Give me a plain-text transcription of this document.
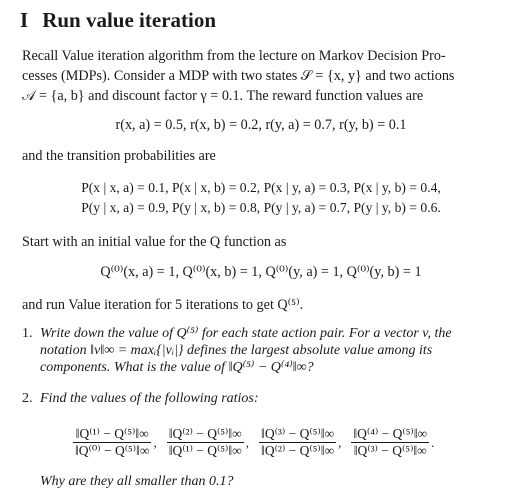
I Run value iteration
Recall Value iteration algorithm from the lecture on Markov Decision Pro-
cesses (MDPs). Consider a MDP with two states 𝒮 = {x, y} and two actions
𝒜 = {a, b} and discount factor γ = 0.1. The reward function values are
r(x, a) = 0.5, r(x, b) = 0.2, r(y, a) = 0.7, r(y, b) = 0.1
and the transition probabilities are
P(x | x, a) = 0.1, P(x | x, b) = 0.2, P(x | y, a) = 0.3, P(x | y, b) = 0.4,
P(y | x, a) = 0.9, P(y | x, b) = 0.8, P(y | y, a) = 0.7, P(y | y, b) = 0.6.
Start with an initial value for the Q function as
Q⁽⁰⁾(x, a) = 1, Q⁽⁰⁾(x, b) = 1, Q⁽⁰⁾(y, a) = 1, Q⁽⁰⁾(y, b) = 1
and run Value iteration for 5 iterations to get Q⁽⁵⁾.
1. Write down the value of Q⁽⁵⁾ for each state action pair. For a vector v, the
notation ‖v‖∞ = maxᵢ{|vᵢ|} defines the largest absolute value among its
components. What is the value of ‖Q⁽⁵⁾ − Q⁽⁴⁾‖∞?
2. Find the values of the following ratios:
$\frac{\text{‖Q⁽¹⁾ − Q⁽⁵⁾‖∞}}{\text{‖Q⁽⁰⁾ − Q⁽⁵⁾‖∞}}$ , $\frac{\text{‖Q⁽²⁾ − Q⁽⁵⁾‖∞}}{\text{‖Q⁽¹⁾ − Q⁽⁵⁾‖∞}}$ , $\frac{\text{‖Q⁽³⁾ − Q⁽⁵⁾‖∞}}{\text{‖Q⁽²⁾ − Q⁽⁵⁾‖∞}}$ , $\frac{\text{‖Q⁽⁴⁾ − Q⁽⁵⁾‖∞}}{\text{‖Q⁽³⁾ − Q⁽⁵⁾‖∞}}$ .
Why are they all smaller than 0.1?
